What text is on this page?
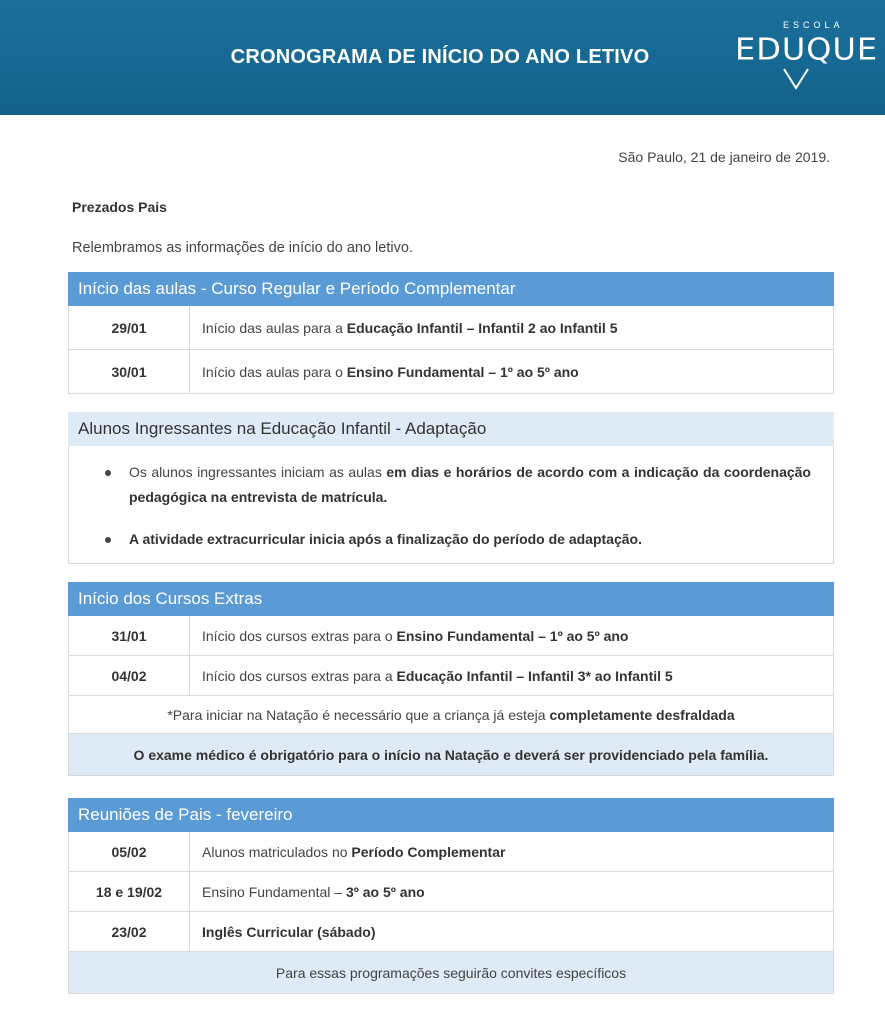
CRONOGRAMA DE INÍCIO DO ANO LETIVO
ESCOLA
EDUQUE
São Paulo, 21 de janeiro de 2019.
Prezados Pais
Relembramos as informações de início do ano letivo.
Início das aulas - Curso Regular e Período Complementar
29/01	Início das aulas para a Educação Infantil – Infantil 2 ao Infantil 5
30/01	Início das aulas para o Ensino Fundamental – 1º ao 5º ano
Alunos Ingressantes na Educação Infantil - Adaptação
Os alunos ingressantes iniciam as aulas em dias e horários de acordo com a indicação da coordenação pedagógica na entrevista de matrícula.
A atividade extracurricular inicia após a finalização do período de adaptação.
Início dos Cursos Extras
31/01	Início dos cursos extras para o Ensino Fundamental – 1º ao 5º ano
04/02	Início dos cursos extras para a Educação Infantil – Infantil 3* ao Infantil 5
*Para iniciar na Natação é necessário que a criança já esteja completamente desfraldada
O exame médico é obrigatório para o início na Natação e deverá ser providenciado pela família.
Reuniões de Pais - fevereiro
05/02	Alunos matriculados no Período Complementar
18 e 19/02	Ensino Fundamental – 3º ao 5º ano
23/02	Inglês Curricular (sábado)
Para essas programações seguirão convites específicos
